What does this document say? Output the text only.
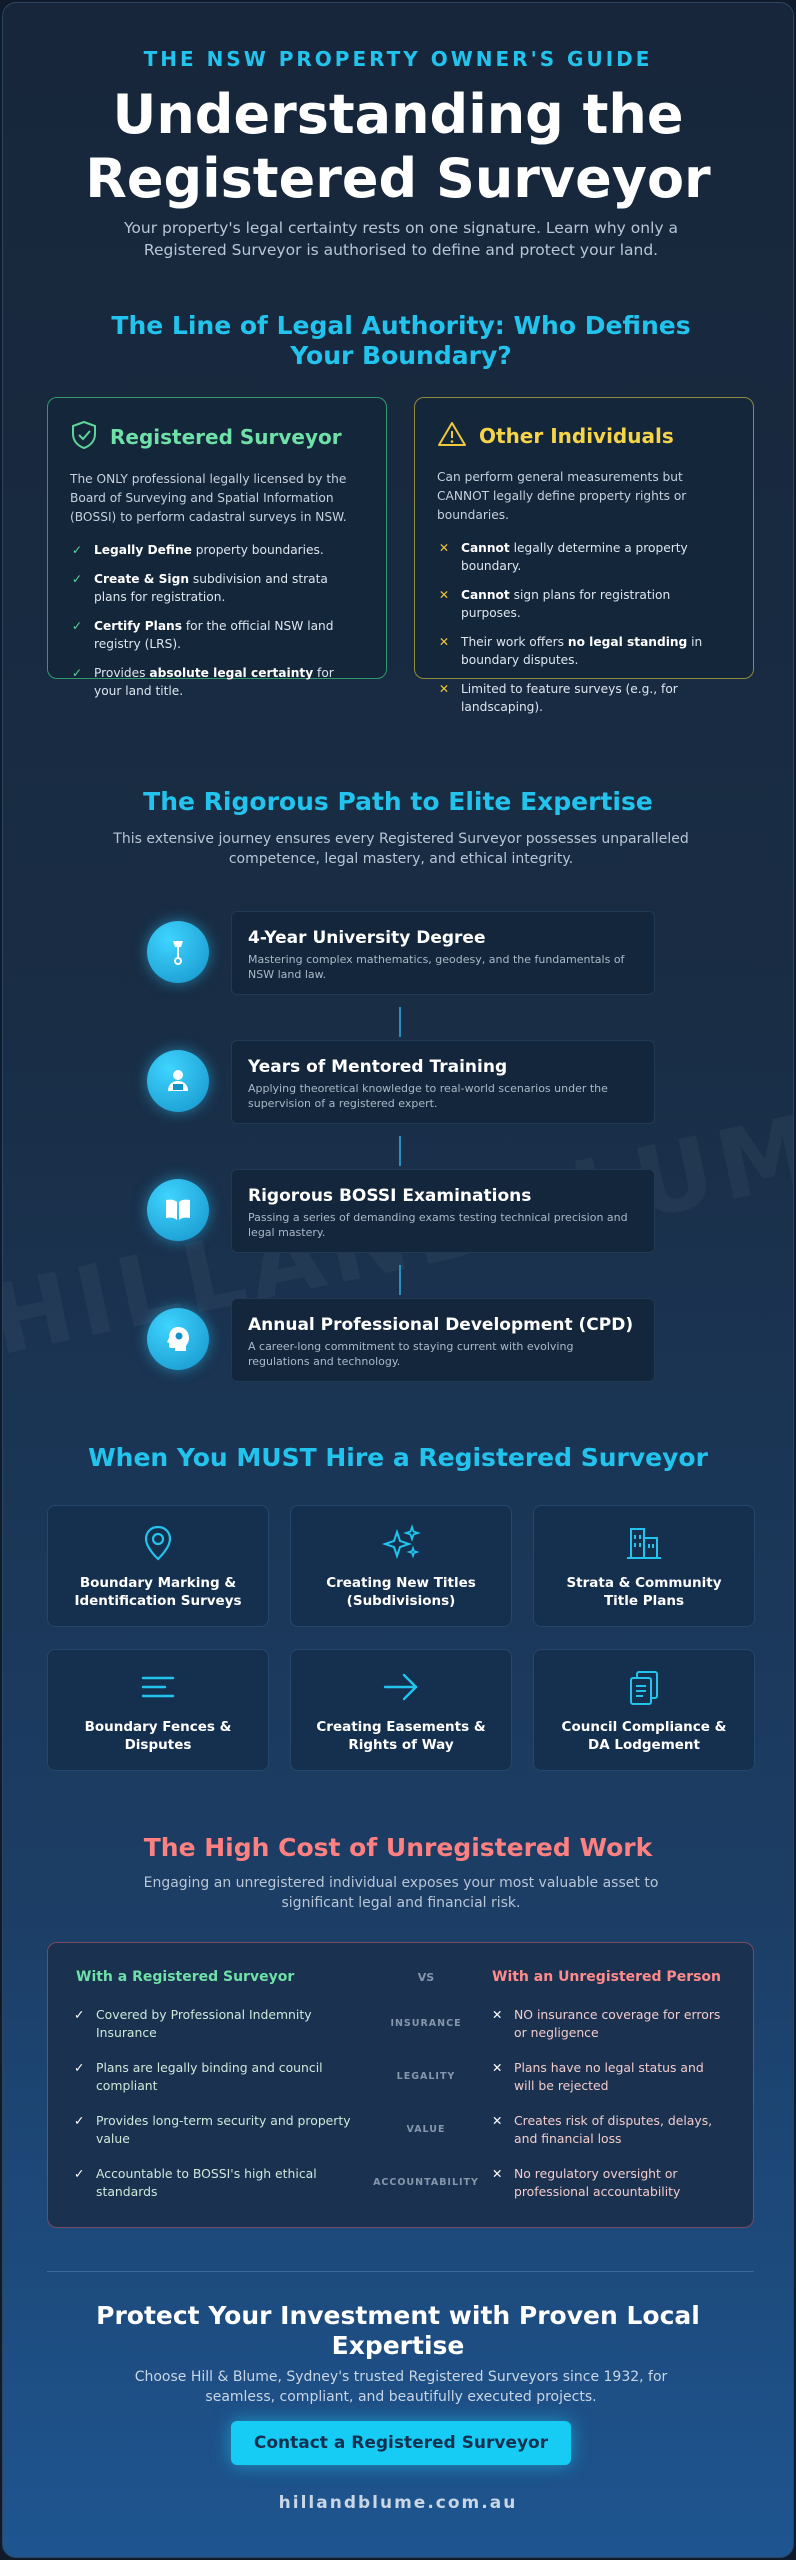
THE NSW PROPERTY OWNER'S GUIDE
Understanding the
Registered Surveyor
Your property's legal certainty rests on one signature. Learn why only a Registered Surveyor is authorised to define and protect your land.
The Line of Legal Authority: Who Defines Your Boundary?
Registered Surveyor
The ONLY professional legally licensed by the Board of Surveying and Spatial Information (BOSSI) to perform cadastral surveys in NSW.
✓ Legally Define property boundaries.
✓ Create & Sign subdivision and strata plans for registration.
✓ Certify Plans for the official NSW land registry (LRS).
✓ Provides absolute legal certainty for your land title.
Other Individuals
Can perform general measurements but CANNOT legally define property rights or boundaries.
✕ Cannot legally determine a property boundary.
✕ Cannot sign plans for registration purposes.
✕ Their work offers no legal standing in boundary disputes.
✕ Limited to feature surveys (e.g., for landscaping).
The Rigorous Path to Elite Expertise
This extensive journey ensures every Registered Surveyor possesses unparalleled competence, legal mastery, and ethical integrity.
4-Year University Degree
Mastering complex mathematics, geodesy, and the fundamentals of NSW land law.
Years of Mentored Training
Applying theoretical knowledge to real-world scenarios under the supervision of a registered expert.
Rigorous BOSSI Examinations
Passing a series of demanding exams testing technical precision and legal mastery.
Annual Professional Development (CPD)
A career-long commitment to staying current with evolving regulations and technology.
When You MUST Hire a Registered Surveyor
Boundary Marking & Identification Surveys
Creating New Titles (Subdivisions)
Strata & Community Title Plans
Boundary Fences & Disputes
Creating Easements & Rights of Way
Council Compliance & DA Lodgement
The High Cost of Unregistered Work
Engaging an unregistered individual exposes your most valuable asset to significant legal and financial risk.
With a Registered Surveyor	VS	With an Unregistered Person
✓ Covered by Professional Indemnity Insurance
INSURANCE
✕ NO insurance coverage for errors or negligence
✓ Plans are legally binding and council compliant
LEGALITY
✕ Plans have no legal status and will be rejected
✓ Provides long-term security and property value
VALUE
✕ Creates risk of disputes, delays, and financial loss
✓ Accountable to BOSSI's high ethical standards
ACCOUNTABILITY
✕ No regulatory oversight or professional accountability
Protect Your Investment with Proven Local
Expertise
Choose Hill & Blume, Sydney's trusted Registered Surveyors since 1932, for seamless, compliant, and beautifully executed projects.
Contact a Registered Surveyor
hillandblume.com.au
